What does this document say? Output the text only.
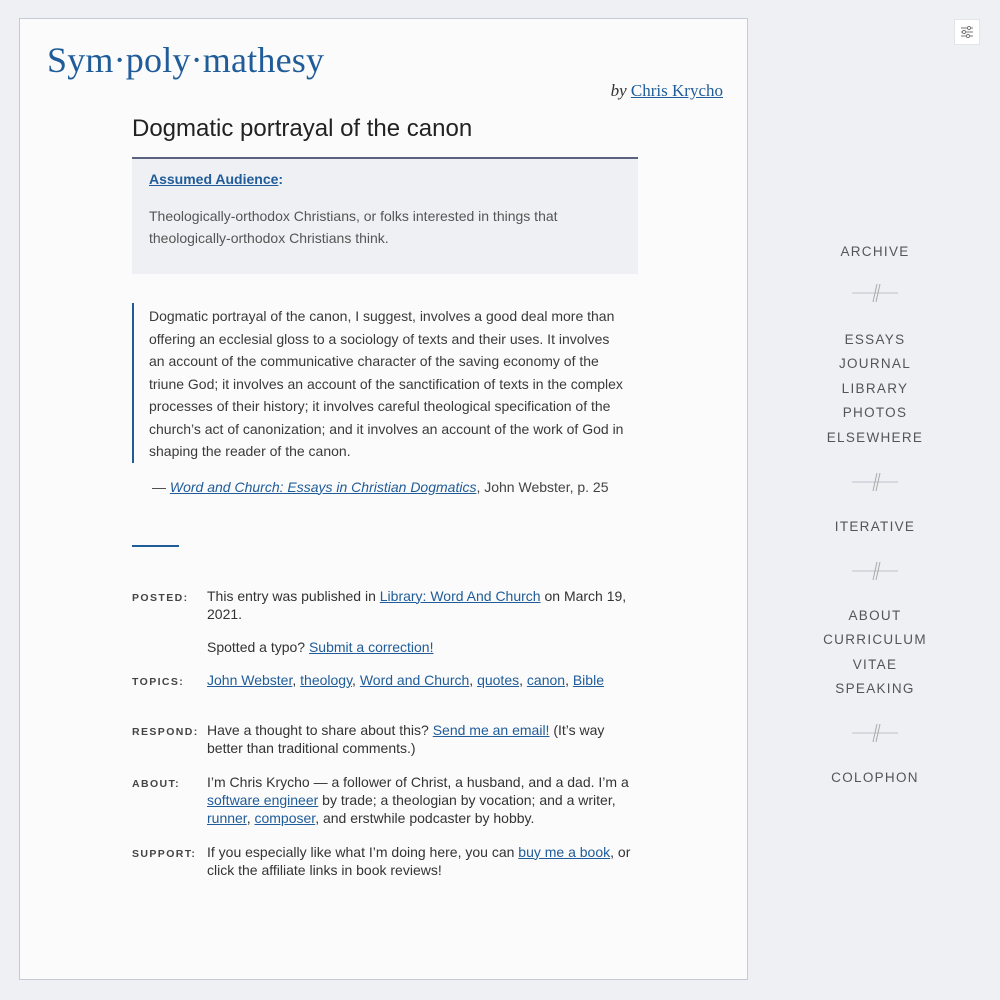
Sym·poly·mathesy
by Chris Krycho
Dogmatic portrayal of the canon
Assumed Audience:

Theologically-orthodox Christians, or folks interested in things that theologically-orthodox Christians think.

Dogmatic portrayal of the canon, I suggest, involves a good deal more than offering an ecclesial gloss to a sociology of texts and their uses. It involves an account of the communicative character of the saving economy of the triune God; it involves an account of the sanctification of texts in the complex processes of their history; it involves careful theological specification of the church’s act of canonization; and it involves an account of the work of God in shaping the reader of the canon.
— Word and Church: Essays in Christian Dogmatics, John Webster, p. 25
POSTED:	This entry was published in Library: Word And Church on March 19, 2021.
Spotted a typo? Submit a correction!
TOPICS:	John Webster, theology, Word and Church, quotes, canon, Bible
RESPOND: Have a thought to share about this? Send me an email! (It’s way better than traditional comments.)
ABOUT:	I’m Chris Krycho — a follower of Christ, a husband, and a dad. I’m a software engineer by trade; a theologian by vocation; and a writer, runner, composer, and erstwhile podcaster by hobby.
SUPPORT: If you especially like what I’m doing here, you can buy me a book, or click the affiliate links in book reviews!
ARCHIVE
ESSAYS
JOURNAL
LIBRARY
PHOTOS
ELSEWHERE
ITERATIVE
ABOUT
CURRICULUM VITAE
SPEAKING
COLOPHON
